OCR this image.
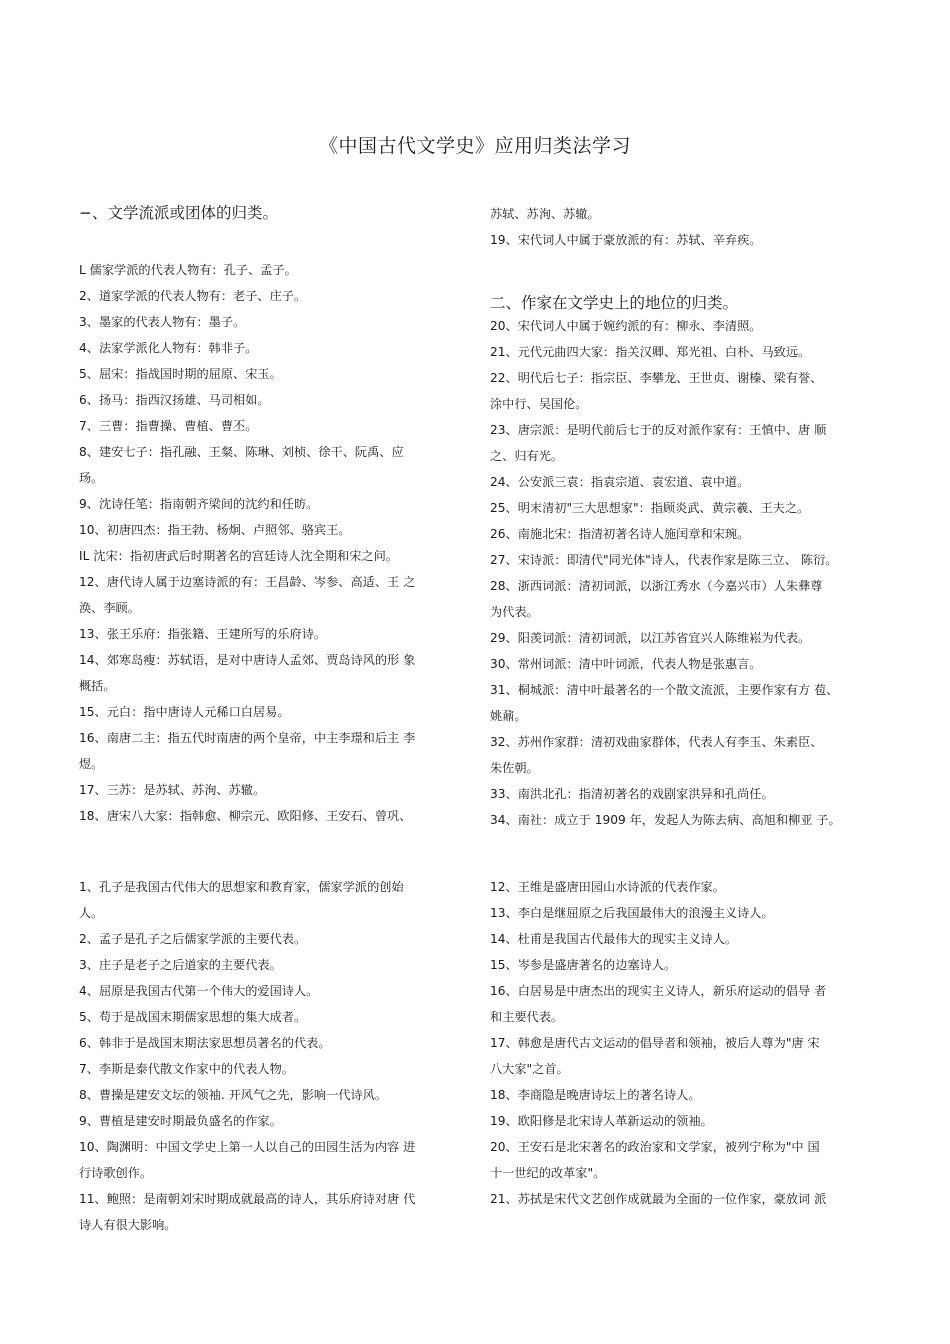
《中国古代文学史》应用归类法学习
−、文学流派或团体的归类。
L 儒家学派的代表人物有：孔子、孟子。
2、道家学派的代表人物有：老子、庄子。
3、墨家的代表人物有：墨子。
4、法家学派化人物有：韩非子。
5、屈宋：指战国时期的屈原、宋玉。
6、扬马：指西汉扬雄、马司相如。
7、三曹：指曹操、曹植、曹丕。
8、建安七子：指孔融、王粲、陈琳、刘桢、徐干、阮禹、应
玚。
9、沈诗任笔：指南朝齐梁间的沈约和任昉。
10、初唐四杰：指王勃、杨炯、卢照邻、骆宾王。
IL 沈宋：指初唐武后时期著名的宫廷诗人沈全期和宋之问。
12、唐代诗人属于边塞诗派的有：王昌龄、岑参、高适、王 之
涣、李顾。
13、张王乐府：指张籍、王建所写的乐府诗。
14、郊寒岛瘦：苏轼语，是对中唐诗人孟郊、贾岛诗风的形 象
概括。
15、元白：指中唐诗人元稀口白居易。
16、南唐二主：指五代时南唐的两个皇帝，中主李璟和后主 李
煜。
17、三苏：是苏轼、苏洵、苏辙。
18、唐宋八大家：指韩愈、柳宗元、欧阳修、王安石、曾巩、
苏轼、苏洵、苏辙。
19、宋代词人中属于豪放派的有：苏轼、辛弃疾。
二、作家在文学史上的地位的归类。
20、宋代词人中属于婉约派的有：柳永、李清照。
21、元代元曲四大家：指关汉卿、郑光祖、白朴、马致远。
22、明代后七子：指宗臣、李攀龙、王世贞、谢榛、梁有誉、
涂中行、吴国伦。
23、唐宗派：是明代前后七于的反对派作家有：王慎中、唐 顺
之、归有光。
24、公安派三袁：指袁宗道、袁宏道、袁中道。
25、明末清初"三大思想家"：指顾炎武、黄宗羲、王夫之。
26、南施北宋：指清初著名诗人施闰章和宋琬。
27、宋诗派：即清代"同光体"诗人，代表作家是陈三立、 陈衍。
28、浙西词派：清初词派，以浙江秀水（今嘉兴市）人朱彝尊
为代表。
29、阳羡词派：清初词派，以江苏省宜兴人陈维崧为代表。
30、常州词派：清中叶词派，代表人物是张惠言。
31、桐城派：清中叶最著名的一个散文流派，主要作家有方 苞、
姚鼐。
32、苏州作家群：清初戏曲家群体，代表人有李玉、朱素臣、
朱佐朝。
33、南洪北孔：指清初著名的戏剧家洪异和孔尚任。
34、南社：成立于 1909 年，发起人为陈去病、高旭和柳亚 子。
1、孔子是我国古代伟大的思想家和教育家，儒家学派的创始
人。
2、孟子是孔子之后儒家学派的主要代表。
3、庄子是老子之后道家的主要代表。
4、屈原是我国古代第一个伟大的爱国诗人。
5、苟于是战国末期儒家思想的集大成者。
6、韩非于是战国末期法家思想员著名的代表。
7、李斯是泰代散文作家中的代表人物。
8、曹操是建安文坛的领袖. 开风气之先，影响一代诗风。
9、曹植是建安时期最负盛名的作家。
10、陶渊明：中国文学史上第一人以自己的田园生活为内容 进
行诗歌创作。
11、鲍照：是南朝刘宋时期成就最高的诗人，其乐府诗对唐 代
诗人有很大影响。
12、王维是盛唐田园山水诗派的代表作家。
13、李白是继屈原之后我国最伟大的浪漫主义诗人。
14、杜甫是我国古代最伟大的现实主义诗人。
15、岑参是盛唐著名的边塞诗人。
16、白居易是中唐杰出的现实主义诗人，新乐府运动的倡导 者
和主要代表。
17、韩愈是唐代古文运动的倡导者和领袖，被后人尊为"唐 宋
八大家"之首。
18、李商隐是晚唐诗坛上的著名诗人。
19、欧阳修是北宋诗人革新运动的领袖。
20、王安石是北宋著名的政治家和文学家，被列宁称为"中 国
十一世纪的改革家"。
21、苏拭是宋代文艺创作成就最为全面的一位作家，豪放词 派
